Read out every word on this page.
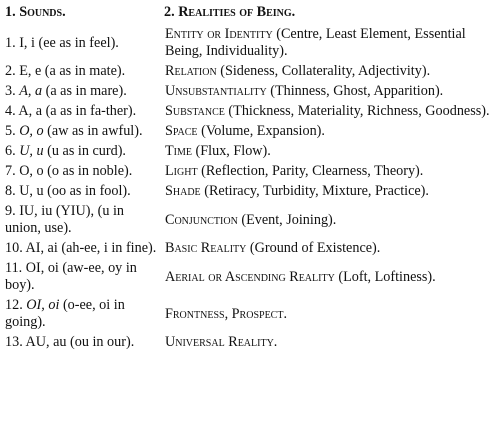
1. Sounds.	2. Realities of Being.
1. I, i (ee as in feel).	Entity or Identity (Centre, Least Element, Essential Being, Individuality).
2. E, e (a as in mate).	Relation (Sideness, Collaterality, Adjectivity).
3. A, a (a as in mare).	Unsubstantiality (Thinness, Ghost, Apparition).
4. A, a (a as in fa-ther).	Substance (Thickness, Materiality, Richness, Goodness).
5. O, o (aw as in awful).	Space (Volume, Expansion).
6. U, u (u as in curd).	Time (Flux, Flow).
7. O, o (o as in noble).	Light (Reflection, Parity, Clearness, Theory).
8. U, u (oo as in fool).	Shade (Retiracy, Turbidity, Mixture, Practice).
9. IU, iu (YIU), (u in union, use).	Conjunction (Event, Joining).
10. AI, ai (ah-ee, i in fine).	Basic Reality (Ground of Existence).
11. OI, oi (aw-ee, oy in boy).	Aerial or Ascending Reality (Loft, Loftiness).
12. OI, oi (o-ee, oi in going).	Frontness, Prospect.
13. AU, au (ou in our).	Universal Reality.
